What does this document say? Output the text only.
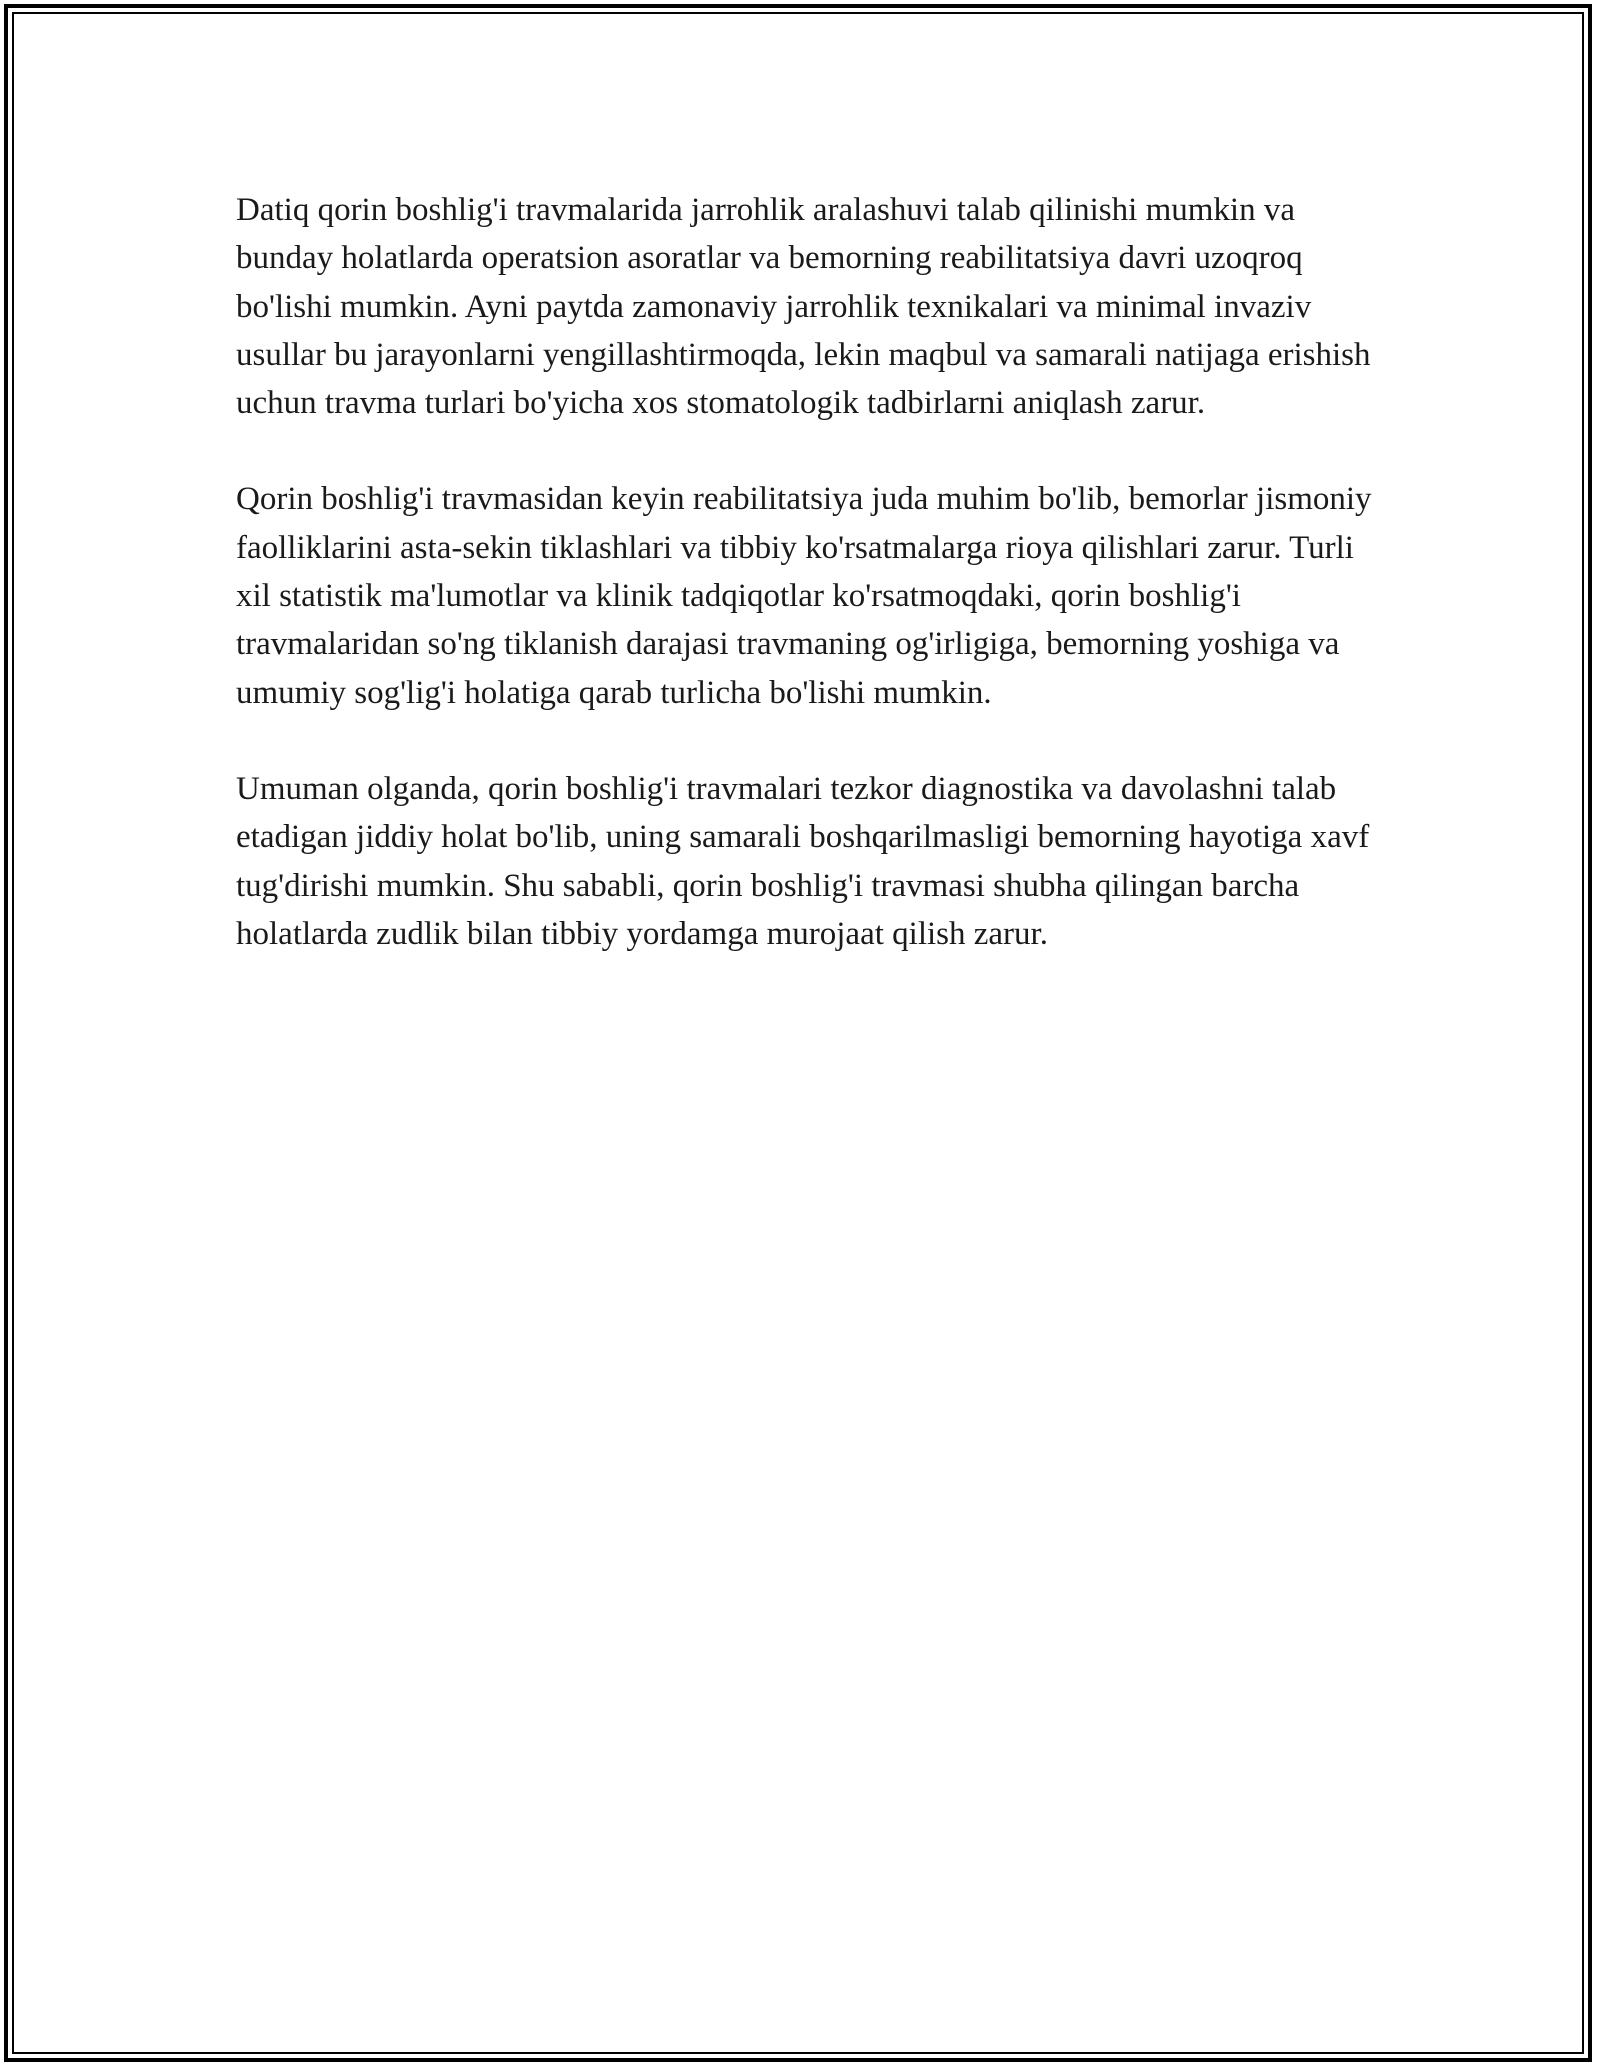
Datiq qorin boshlig'i travmalarida jarrohlik aralashuvi talab qilinishi mumkin va bunday holatlarda operatsion asoratlar va bemorning reabilitatsiya davri uzoqroq bo'lishi mumkin. Ayni paytda zamonaviy jarrohlik texnikalari va minimal invaziv usullar bu jarayonlarni yengillashtirmoqda, lekin maqbul va samarali natijaga erishish uchun travma turlari bo'yicha xos stomatologik tadbirlarni aniqlash zarur.

Qorin boshlig'i travmasidan keyin reabilitatsiya juda muhim bo'lib, bemorlar jismoniy faolliklarini asta-sekin tiklashlari va tibbiy ko'rsatmalarga rioya qilishlari zarur. Turli xil statistik ma'lumotlar va klinik tadqiqotlar ko'rsatmoqdaki, qorin boshlig'i travmalaridan so'ng tiklanish darajasi travmaning og'irligiga, bemorning yoshiga va umumiy sog'lig'i holatiga qarab turlicha bo'lishi mumkin.

Umuman olganda, qorin boshlig'i travmalari tezkor diagnostika va davolashni talab etadigan jiddiy holat bo'lib, uning samarali boshqarilmasligi bemorning hayotiga xavf tug'dirishi mumkin. Shu sababli, qorin boshlig'i travmasi shubha qilingan barcha holatlarda zudlik bilan tibbiy yordamga murojaat qilish zarur.
